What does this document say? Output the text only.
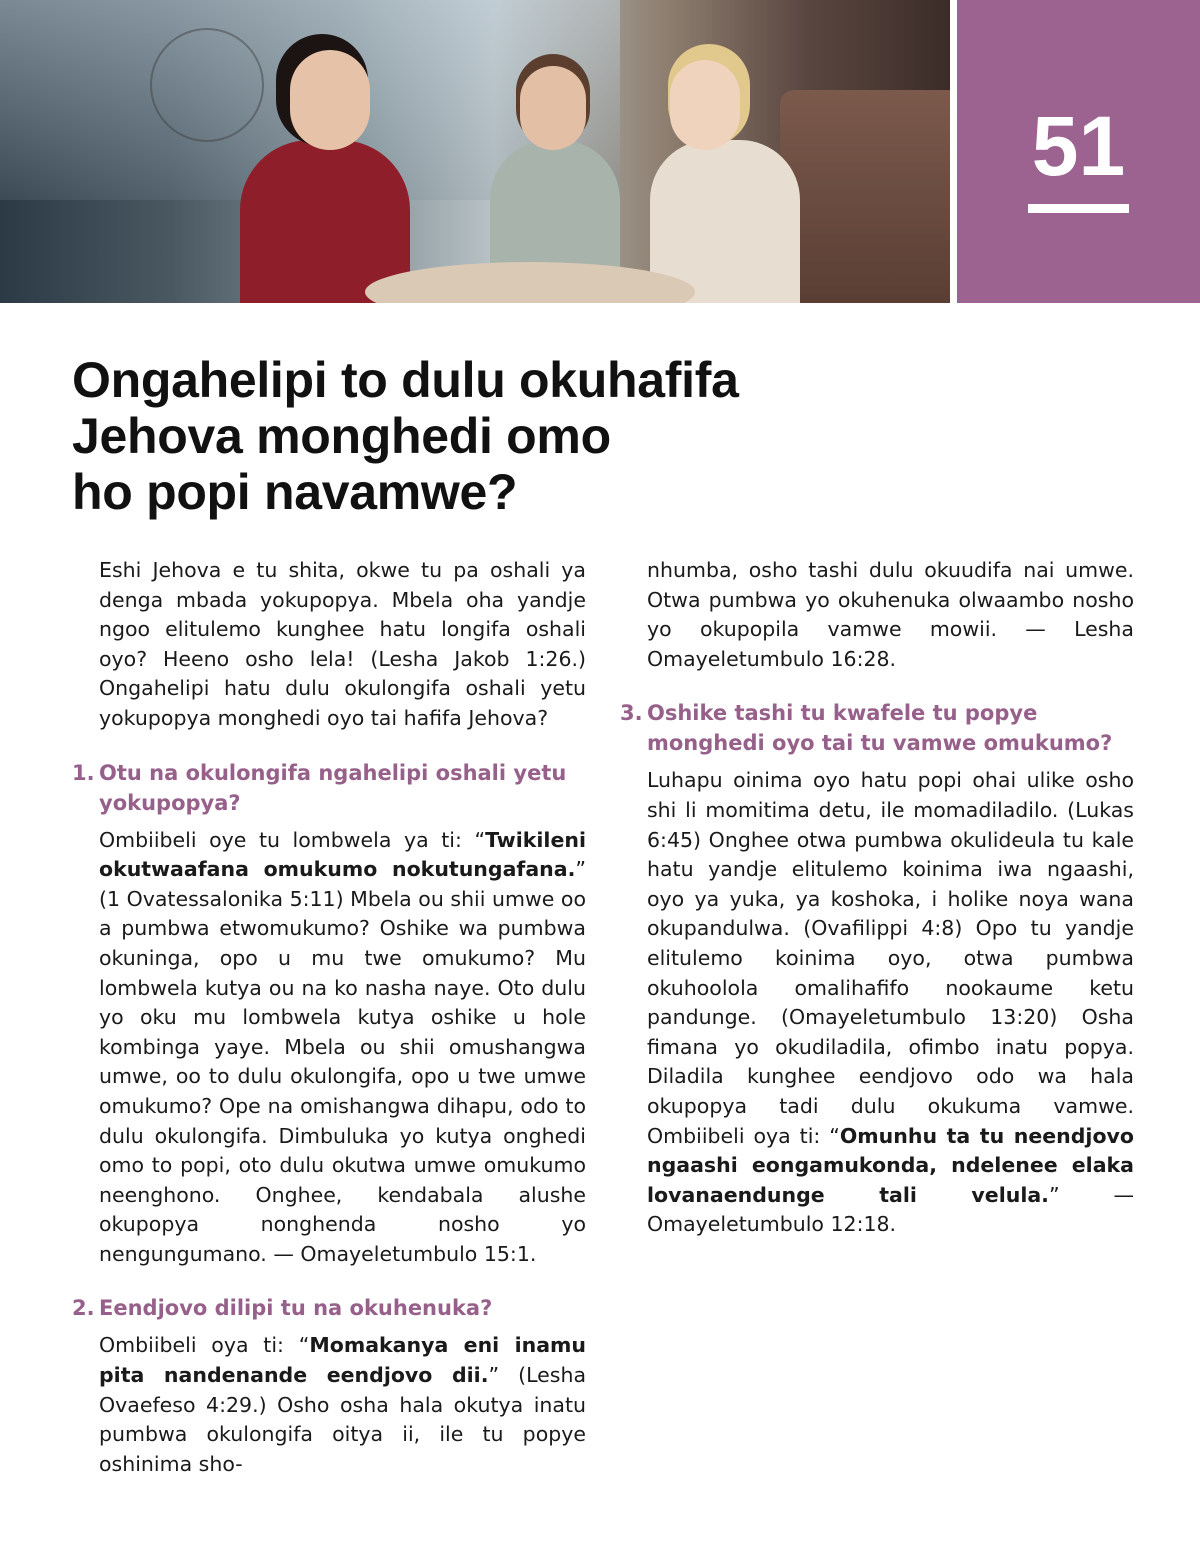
51
Ongahelipi to dulu okuhafifa
Jehova monghedi omo
ho popi navamwe?

Eshi Jehova e tu shita, okwe tu pa oshali ya denga mbada yokupopya. Mbela oha yandje ngoo elitulemo kunghee hatu longifa oshali oyo? Heeno osho lela! (Lesha Jakob 1:26.) Ongahelipi hatu dulu okulongifa oshali yetu yokupopya monghedi oyo tai hafifa Jehova?

1. Otu na okulongifa ngahelipi oshali yetu yokupopya?

Ombiibeli oye tu lombwela ya ti: “Twikileni okutwaafana omukumo nokutungafana.” (1 Ovatessalonika 5:11) Mbela ou shii umwe oo a pumbwa etwomukumo? Oshike wa pumbwa okuninga, opo u mu twe omukumo? Mu lombwela kutya ou na ko nasha naye. Oto dulu yo oku mu lombwela kutya oshike u hole kombinga yaye. Mbela ou shii omushangwa umwe, oo to dulu okulongifa, opo u twe umwe omukumo? Ope na omishangwa dihapu, odo to dulu okulongifa. Dimbuluka yo kutya onghedi omo to popi, oto dulu okutwa umwe omukumo neenghono. Onghee, kendabala alushe okupopya nonghenda nosho yo nengungumano. — Omayeletumbulo 15:1.

2. Eendjovo dilipi tu na okuhenuka?

Ombiibeli oya ti: “Momakanya eni inamu pita nandenande eendjovo dii.” (Lesha Ovaefeso 4:29.) Osho osha hala okutya inatu pumbwa okulongifa oitya ii, ile tu popye oshinima sho-

nhumba, osho tashi dulu okuudifa nai umwe. Otwa pumbwa yo okuhenuka olwaambo nosho yo okupopila vamwe mowii. — Lesha Omayeletumbulo 16:28.

3. Oshike tashi tu kwafele tu popye monghedi oyo tai tu vamwe omukumo?

Luhapu oinima oyo hatu popi ohai ulike osho shi li momitima detu, ile momadiladilo. (Lukas 6:45) Onghee otwa pumbwa okulideula tu kale hatu yandje elitulemo koinima iwa ngaashi, oyo ya yuka, ya koshoka, i holike noya wana okupandulwa. (Ovafilippi 4:8) Opo tu yandje elitulemo koinima oyo, otwa pumbwa okuhoolola omalihafifo nookaume ketu pandunge. (Omayeletumbulo 13:20) Osha fimana yo okudiladila, ofimbo inatu popya. Diladila kunghee eendjovo odo wa hala okupopya tadi dulu okukuma vamwe. Ombiibeli oya ti: “Omunhu ta tu neendjovo ngaashi eongamukonda, ndelenee elaka lovanaendunge tali velula.” — Omayeletumbulo 12:18.
